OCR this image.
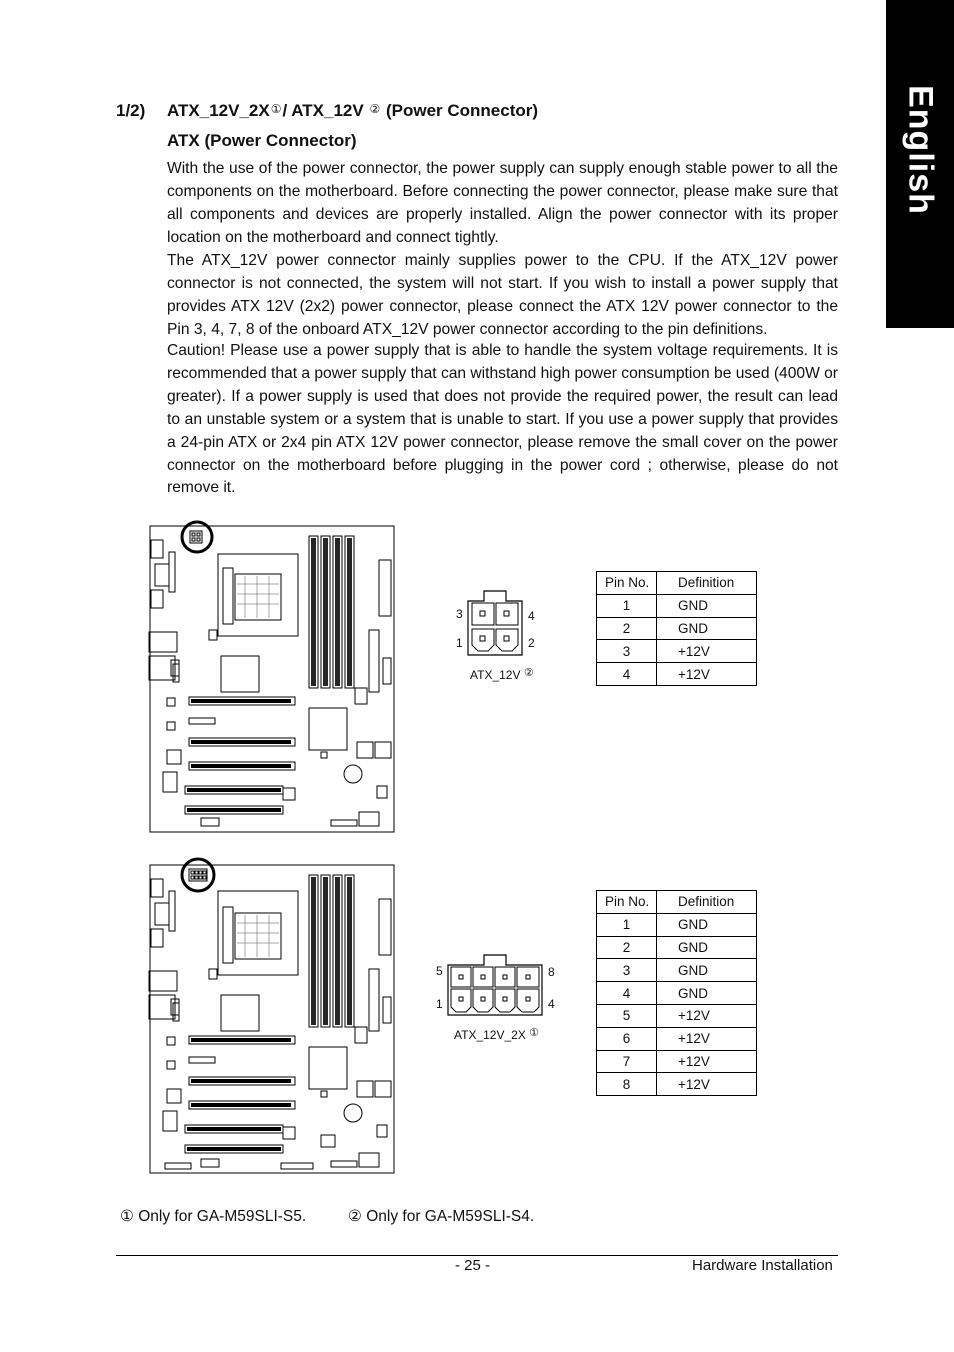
English
1/2) ATX_12V_2X①/ ATX_12V ② (Power Connector)
ATX (Power Connector)

With the use of the power connector, the power supply can supply enough stable power to all the components on the motherboard. Before connecting the power connector, please make sure that all components and devices are properly installed. Align the power connector with its proper location on the motherboard and connect tightly.

The ATX_12V power connector mainly supplies power to the CPU. If the ATX_12V power connector is not connected, the system will not start. If you wish to install a power supply that provides ATX 12V (2x2) power connector, please connect the ATX 12V power connector to the Pin 3, 4, 7, 8 of the onboard ATX_12V power connector according to the pin definitions.

Caution! Please use a power supply that is able to handle the system voltage requirements. It is recommended that a power supply that can withstand high power consumption be used (400W or greater). If a power supply is used that does not provide the required power, the result can lead to an unstable system or a system that is unable to start. If you use a power supply that provides a 24-pin ATX or 2x4 pin ATX 12V power connector, please remove the small cover on the power connector on the motherboard before plugging in the power cord ; otherwise, please do not remove it.

3	4
1	2
ATX_12V ②
5	8
1	4
ATX_12V_2X ①
Pin No.	Definition
1	GND
2	GND
3	+12V
4	+12V
Pin No.	Definition
1	GND
2	GND
3	GND
4	GND
5	+12V
6	+12V
7	+12V
8	+12V
① Only for GA-M59SLI-S5.	② Only for GA-M59SLI-S4.
- 25 -	Hardware Installation
